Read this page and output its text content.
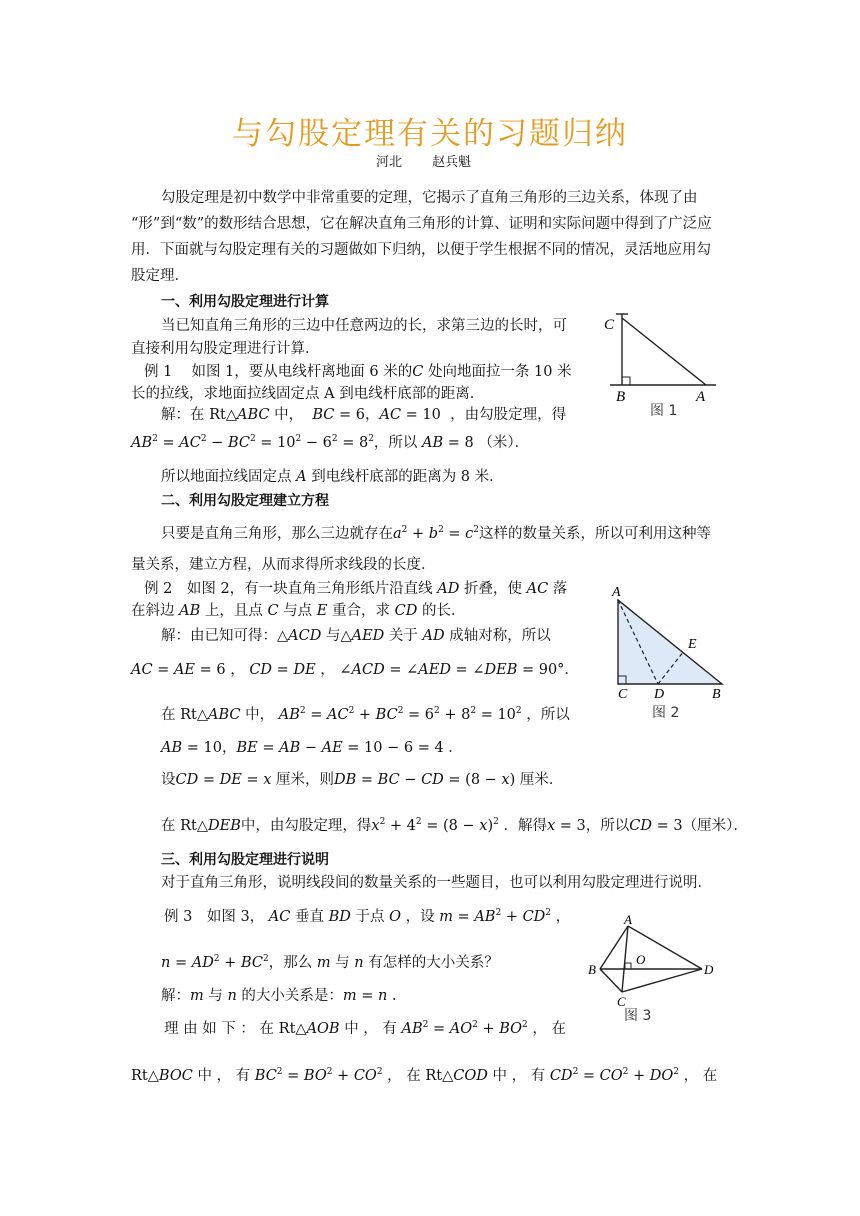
与勾股定理有关的习题归纳
河北 赵兵魁
勾股定理是初中数学中非常重要的定理，它揭示了直角三角形的三边关系，体现了由
“形”到“数”的数形结合思想，它在解决直角三角形的计算、证明和实际问题中得到了广泛应
用．下面就与勾股定理有关的习题做如下归纳，以便于学生根据不同的情况，灵活地应用勾
股定理．
一、利用勾股定理进行计算
当已知直角三角形的三边中任意两边的长，求第三边的长时，可
直接利用勾股定理进行计算．
例 1　 如图 1，要从电线杆离地面 6 米的C 处向地面拉一条 10 米
长的拉线，求地面拉线固定点 A 到电线杆底部的距离．
解：在 Rt△ABC 中， BC = 6，AC = 10  ，由勾股定理，得
$AB^2 = AC^2 - BC^2 = 10^2 - 6^2 = 8^2$，所以 AB = 8 （米）．
所以地面拉线固定点 A 到电线杆底部的距离为 8 米．
C
B	A
图 1
二、利用勾股定理建立方程
只要是直角三角形，那么三边就存在$a^2 + b^2 = c^2$这样的数量关系，所以可利用这种等
量关系，建立方程，从而求得所求线段的长度．
例 2　如图 2，有一块直角三角形纸片沿直线 AD 折叠，使 AC 落
在斜边 AB 上，且点 C 与点 E 重合，求 CD 的长．
解：由已知可得：△ACD 与△AED 关于 AD 成轴对称，所以
AC = AE = 6 ， CD = DE ， ∠ACD = ∠AED = ∠DEB = 90°．
在 Rt△ABC 中， $AB^2 = AC^2 + BC^2 = 6^2 + 8^2 = 10^2$ ，所以
AB = 10，BE = AB − AE = 10 − 6 = 4 ．
设CD = DE = x 厘米，则DB = BC − CD = (8 − x) 厘米．
在 Rt△DEB中，由勾股定理，得$x^2 + 4^2 = (8 - x)^2$ ．解得x = 3，所以CD = 3（厘米）．
A
E
C D	B
图 2
三、利用勾股定理进行说明
对于直角三角形，说明线段间的数量关系的一些题目，也可以利用勾股定理进行说明．
例 3　如图 3， AC 垂直 BD 于点 O ，设 $m = AB^2 + CD^2$ ，
$n = AD^2 + BC^2$，那么 m 与 n 有怎样的大小关系？
解：m 与 n 的大小关系是：m = n .
理 由 如 下 ： 在 Rt△AOB 中 ， 有 $AB^2 = AO^2 + BO^2$ ， 在
Rt△BOC 中 ， 有 $BC^2 = BO^2 + CO^2$ ， 在 Rt△COD 中 ， 有 $CD^2 = CO^2 + DO^2$ ， 在
A
B
O
D
C
图 3
